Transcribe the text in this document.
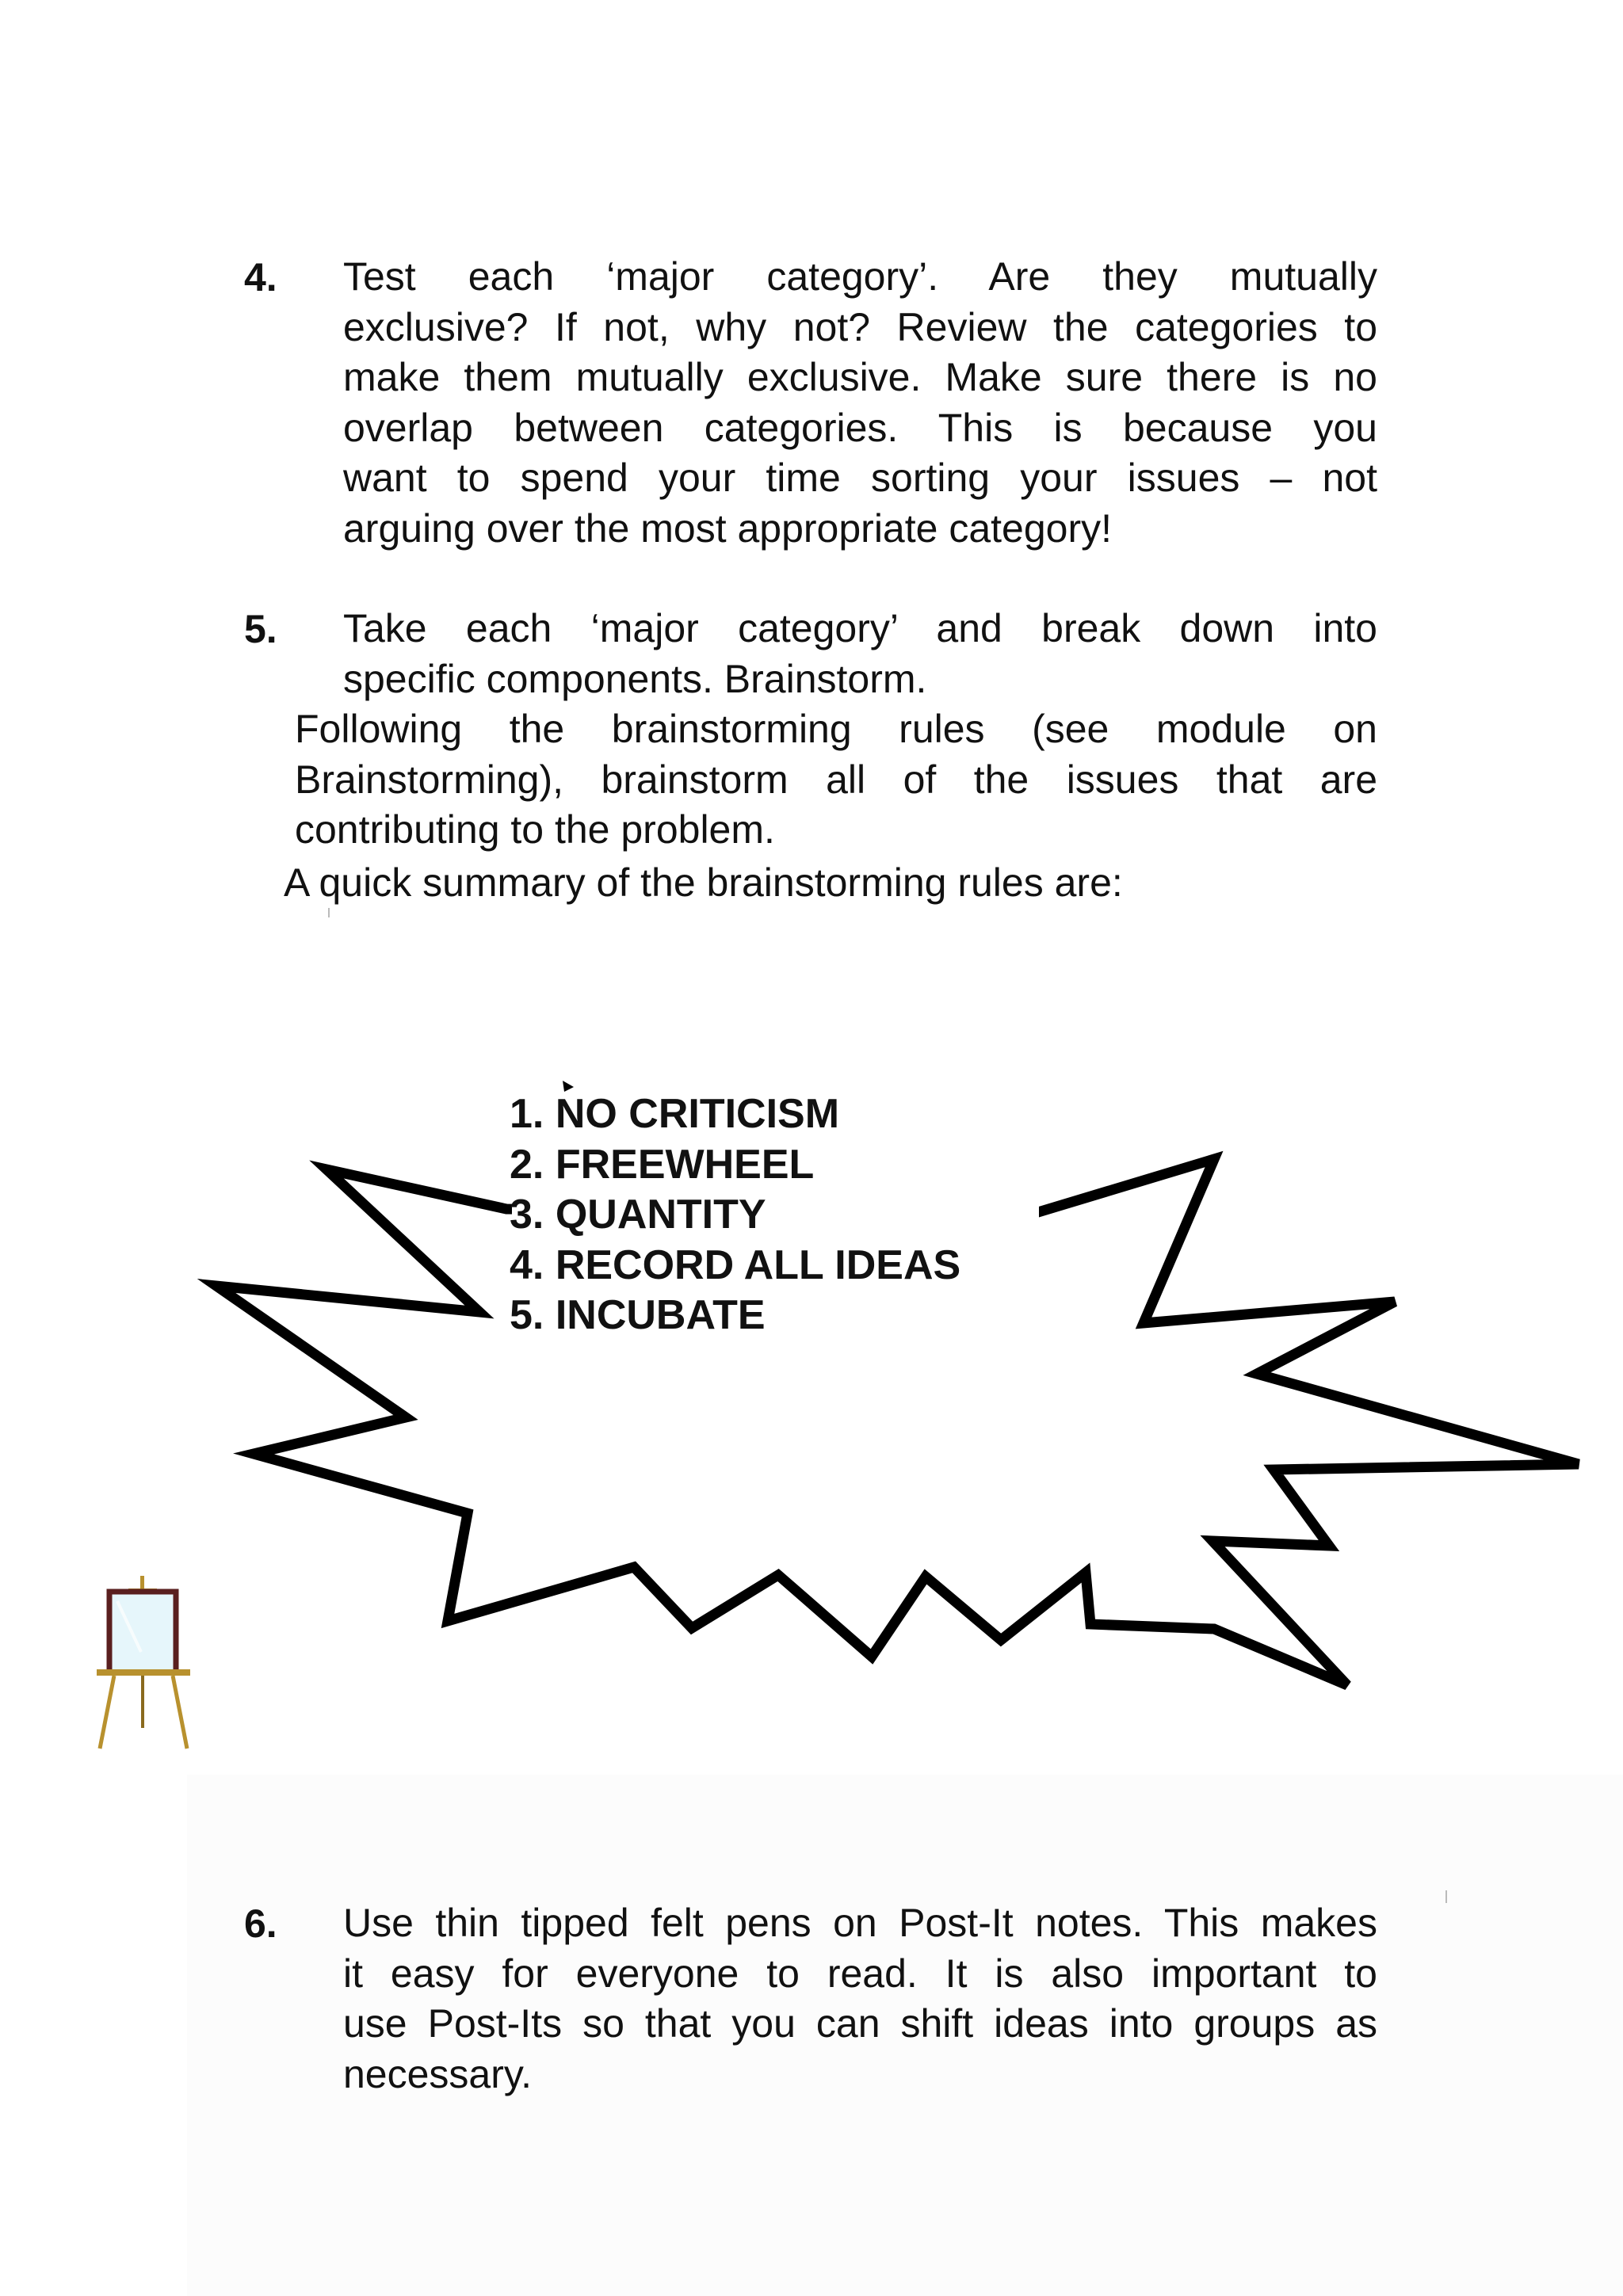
4. Test each ‘major category’. Are they mutually
exclusive? If not, why not? Review the categories to
make them mutually exclusive. Make sure there is no
overlap between categories. This is because you
want to spend your time sorting your issues – not
arguing over the most appropriate category!
5. Take each ‘major category’ and break down into
specific components. Brainstorm.
Following the brainstorming rules (see module on
Brainstorming), brainstorm all of the issues that are
contributing to the problem.
A quick summary of the brainstorming rules are:
1. NO CRITICISM
2. FREEWHEEL
3. QUANTITY
4. RECORD ALL IDEAS
5. INCUBATE
6. Use thin tipped felt pens on Post-It notes. This makes
it easy for everyone to read. It is also important to
use Post-Its so that you can shift ideas into groups as
necessary.
